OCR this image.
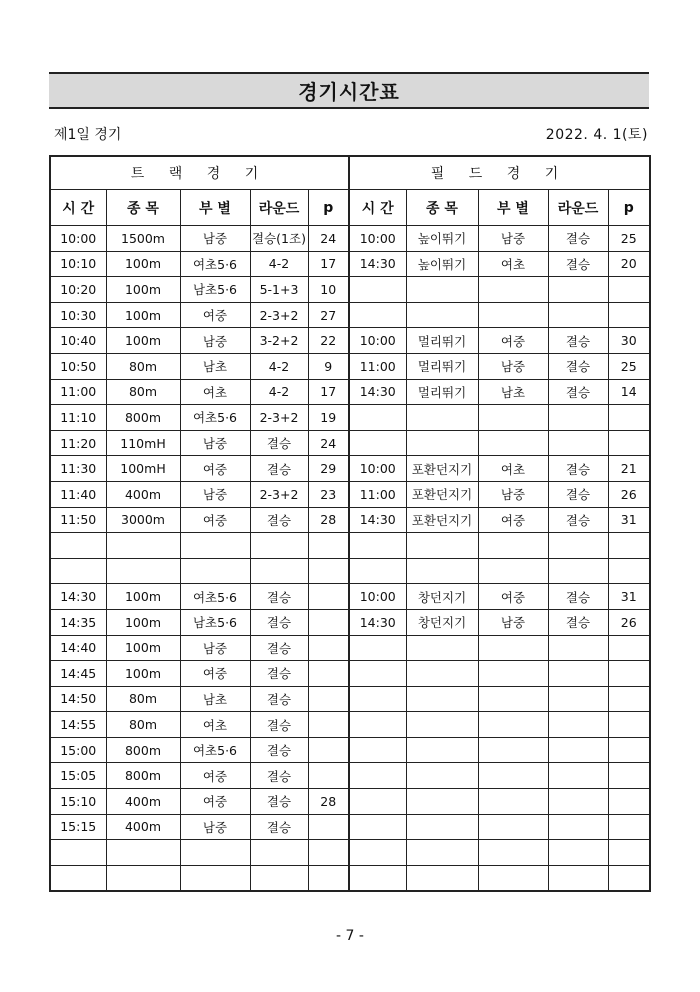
경기시간표
제1일 경기	2022. 4. 1(토)
트 랙 경 기					필 드 경 기				
시 간	종 목	부 별	라운드	p	시 간	종 목	부 별	라운드	p
10:00	1500m	남중	결승(1조)	24	10:00	높이뛰기	남중	결승	25
10:10	100m	여초5·6	4-2	17	14:30	높이뛰기	여초	결승	20
10:20	100m	남초5·6	5-1+3	10					
10:30	100m	여중	2-3+2	27					
10:40	100m	남중	3-2+2	22	10:00	멀리뛰기	여중	결승	30
10:50	80m	남초	4-2	9	11:00	멀리뛰기	남중	결승	25
11:00	80m	여초	4-2	17	14:30	멀리뛰기	남초	결승	14
11:10	800m	여초5·6	2-3+2	19					
11:20	110mH	남중	결승	24					
11:30	100mH	여중	결승	29	10:00	포환던지기	여초	결승	21
11:40	400m	남중	2-3+2	23	11:00	포환던지기	남중	결승	26
11:50	3000m	여중	결승	28	14:30	포환던지기	여중	결승	31

14:30	100m	여초5·6	결승		10:00	창던지기	여중	결승	31
14:35	100m	남초5·6	결승		14:30	창던지기	남중	결승	26
14:40	100m	남중	결승						
14:45	100m	여중	결승						
14:50	80m	남초	결승						
14:55	80m	여초	결승						
15:00	800m	여초5·6	결승						
15:05	800m	여중	결승						
15:10	400m	여중	결승	28					
15:15	400m	남중	결승						

- 7 -
